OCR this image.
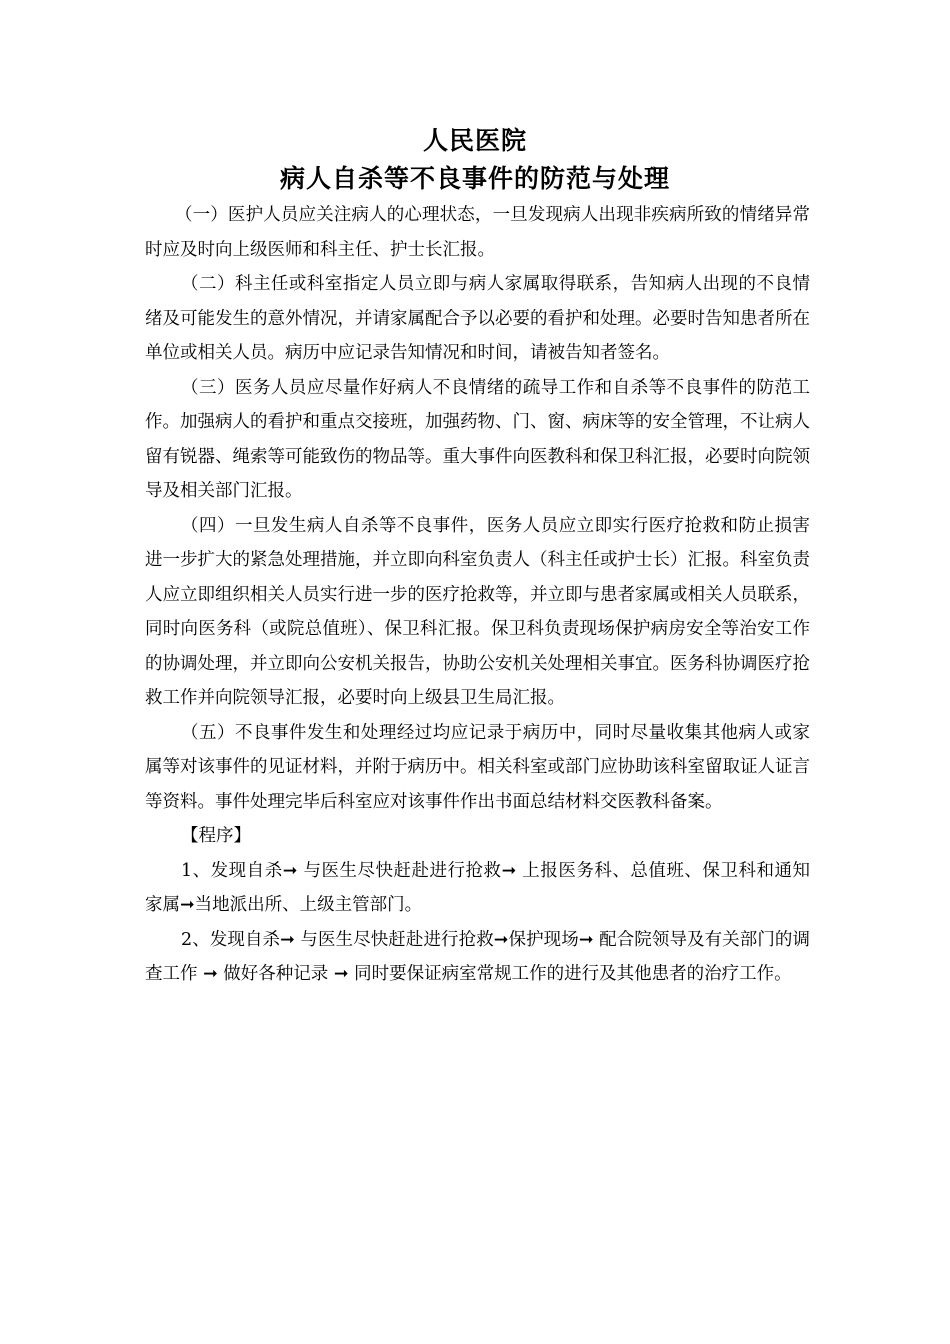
人民医院
病人自杀等不良事件的防范与处理

（一）医护人员应关注病人的心理状态，一旦发现病人出现非疾病所致的情绪异常时应及时向上级医师和科主任、护士长汇报。

（二）科主任或科室指定人员立即与病人家属取得联系，告知病人出现的不良情绪及可能发生的意外情况，并请家属配合予以必要的看护和处理。必要时告知患者所在单位或相关人员。病历中应记录告知情况和时间，请被告知者签名。

（三）医务人员应尽量作好病人不良情绪的疏导工作和自杀等不良事件的防范工作。加强病人的看护和重点交接班，加强药物、门、窗、病床等的安全管理，不让病人留有锐器、绳索等可能致伤的物品等。重大事件向医教科和保卫科汇报，必要时向院领导及相关部门汇报。

（四）一旦发生病人自杀等不良事件，医务人员应立即实行医疗抢救和防止损害进一步扩大的紧急处理措施，并立即向科室负责人（科主任或护士长）汇报。科室负责人应立即组织相关人员实行进一步的医疗抢救等，并立即与患者家属或相关人员联系，同时向医务科（或院总值班）、保卫科汇报。保卫科负责现场保护病房安全等治安工作的协调处理，并立即向公安机关报告，协助公安机关处理相关事宜。医务科协调医疗抢救工作并向院领导汇报，必要时向上级县卫生局汇报。

（五）不良事件发生和处理经过均应记录于病历中，同时尽量收集其他病人或家属等对该事件的见证材料，并附于病历中。相关科室或部门应协助该科室留取证人证言等资料。事件处理完毕后科室应对该事件作出书面总结材料交医教科备案。

【程序】

1、发现自杀➞ 与医生尽快赶赴进行抢救➞ 上报医务科、总值班、保卫科和通知家属➞当地派出所、上级主管部门。

2、发现自杀➞ 与医生尽快赶赴进行抢救➞保护现场➞ 配合院领导及有关部门的调查工作 ➞ 做好各种记录 ➞ 同时要保证病室常规工作的进行及其他患者的治疗工作。
